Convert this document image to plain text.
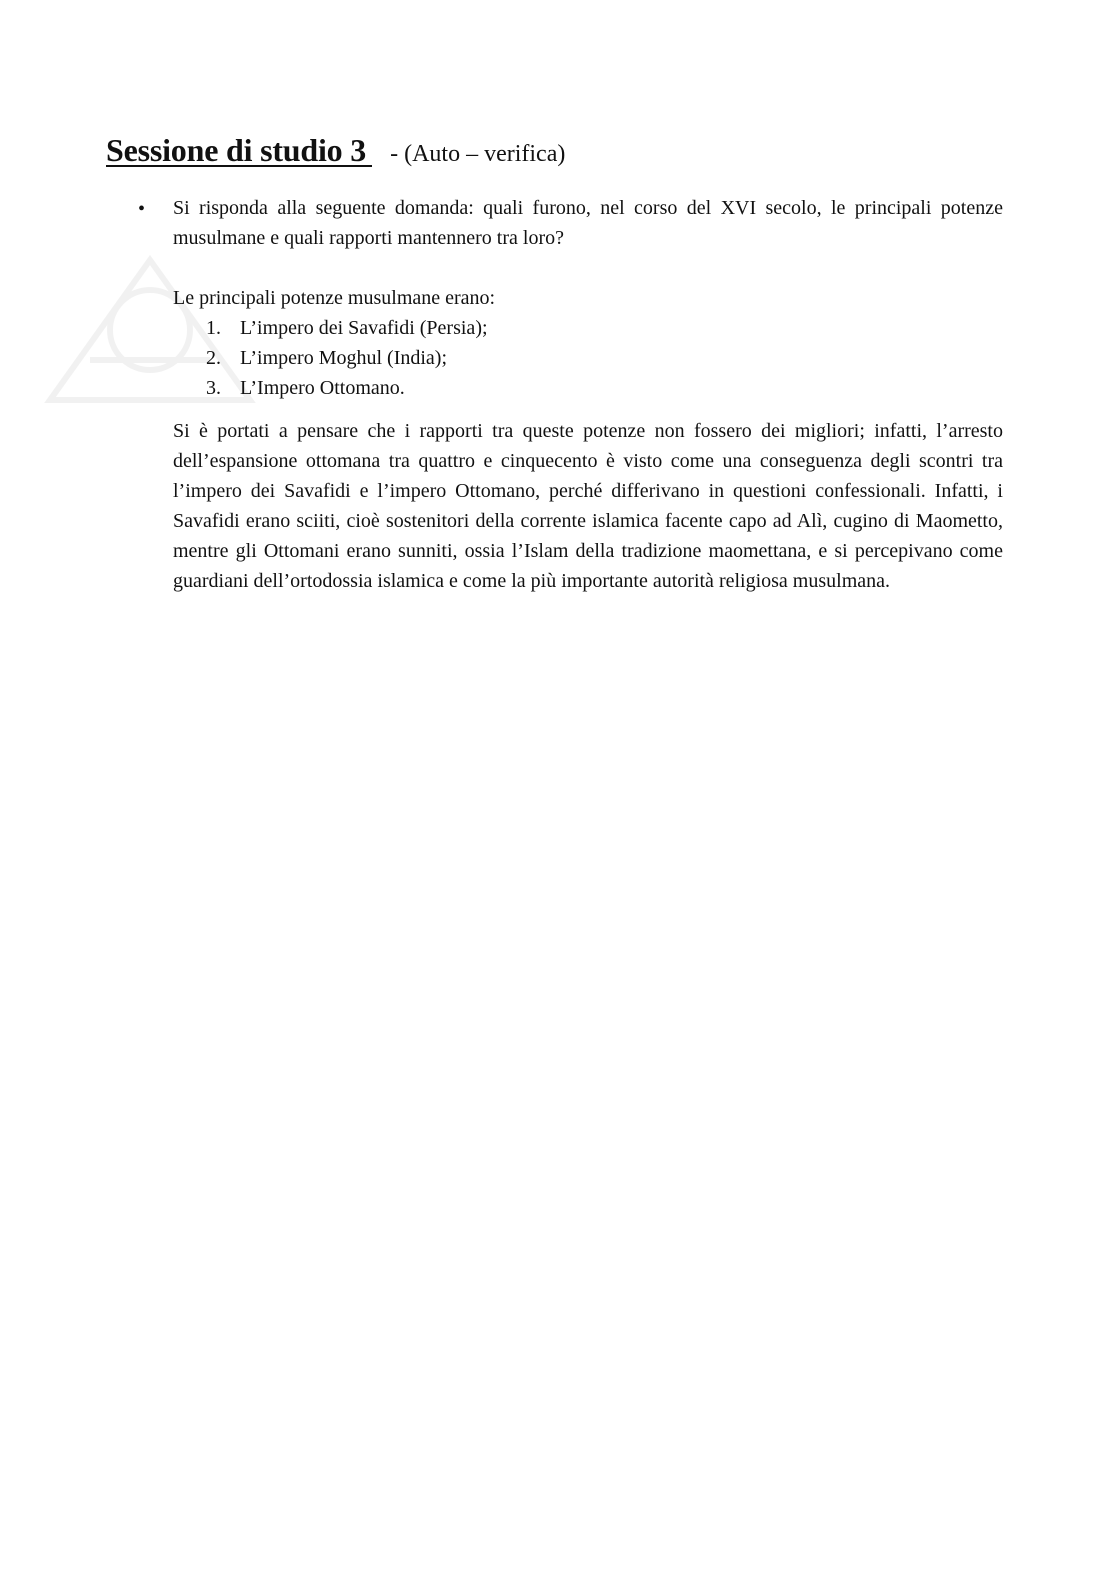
Sessione di studio 3 - (Auto – verifica)
• Si risponda alla seguente domanda: quali furono, nel corso del XVI secolo, le principali potenze musulmane e quali rapporti mantennero tra loro?
Le principali potenze musulmane erano:
1. L’impero dei Savafidi (Persia);
2. L’impero Moghul (India);
3. L’Impero Ottomano.

Si è portati a pensare che i rapporti tra queste potenze non fossero dei migliori; infatti, l’arresto dell’espansione ottomana tra quattro e cinquecento è visto come una conseguenza degli scontri tra l’impero dei Savafidi e l’impero Ottomano, perché differivano in questioni confessionali. Infatti, i Savafidi erano sciiti, cioè sostenitori della corrente islamica facente capo ad Alì, cugino di Maometto, mentre gli Ottomani erano sunniti, ossia l’Islam della tradizione maomettana, e si percepivano come guardiani dell’ortodossia islamica e come la più importante autorità religiosa musulmana.
